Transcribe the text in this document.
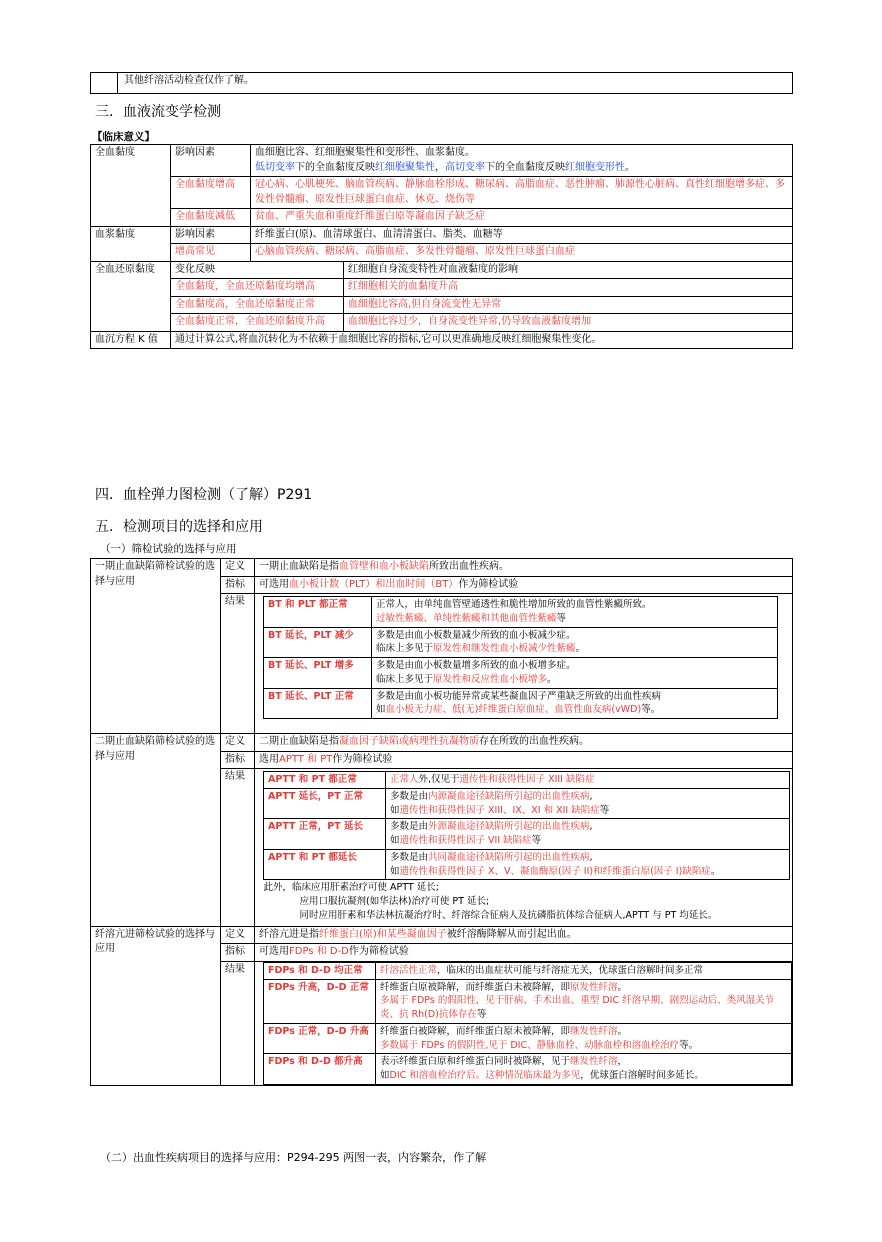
	其他纤溶活动检查仅作了解。
三．血液流变学检测
【临床意义】
全血黏度	影响因素	血细胞比容、红细胞聚集性和变形性、血浆黏度。
低切变率下的全血黏度反映红细胞聚集性，高切变率下的全血黏度反映红细胞变形性。	

	全血黏度增高	冠心病、心肌梗死、脑血管疾病、静脉血栓形成、糖尿病、高脂血症、恶性肿瘤、肺源性心脏病、真性红细胞增多症、多发性骨髓瘤、原发性巨球蛋白血症、休克、烧伤等	
	全血黏度减低	贫血、严重失血和重度纤维蛋白原等凝血因子缺乏症	
血浆黏度	影响因素	纤维蛋白(原)、血清球蛋白、血清清蛋白、脂类、血糖等	
	增高常见	心脑血管疾病、糖尿病、高脂血症、多发性骨髓瘤、原发性巨球蛋白血症	
全血还原黏度	变化反映		红细胞自身流变特性对血液黏度的影响
	全血黏度，全血还原黏度均增高		红细胞相关的血黏度升高
	全血黏度高，全血还原黏度正常		血细胞比容高,但自身流变性无异常
	全血黏度正常，全血还原黏度升高		血细胞比容过少，自身流变性异常,仍导致血液黏度增加
血沉方程 K 值	通过计算公式,将血沉转化为不依赖于血细胞比容的指标,它可以更准确地反映红细胞聚集性变化。		
四．血栓弹力图检测（了解）P291
五．检测项目的选择和应用
（一）筛检试验的选择与应用
一期止血缺陷筛检试验的选择与应用	定义	一期止血缺陷是指血管壁和血小板缺陷所致出血性疾病。
指标	可选用血小板计数（PLT）和出血时间（BT）作为筛检试验
结果	BT 和 PLT 都正常	正常人，由单纯血管壁通透性和脆性增加所致的血管性紫癜所致。
过敏性紫癜、单纯性紫癜和其他血管性紫癜等

BT 延长，PLT 减少	多数是由血小板数量减少所致的血小板减少症。
临床上多见于原发性和继发性血小板减少性紫癜。

BT 延长、PLT 增多	多数是由血小板数量增多所致的血小板增多症。
临床上多见于原发性和反应性血小板增多。

BT 延长、PLT 正常	多数是由血小板功能异常或某些凝血因子严重缺乏所致的出血性疾病
如血小板无力症、低(无)纤维蛋白原血症、血管性血友病(vWD)等。

二期止血缺陷筛检试验的选择与应用	定义	二期止血缺陷是指凝血因子缺陷或病理性抗凝物质存在所致的出血性疾病。
指标	选用APTT 和 PT作为筛检试验
结果	APTT 和 PT 都正常	正常人外,仅见于遗传性和获得性因子 XIII 缺陷症
APTT 延长，PT 正常	多数是由内源凝血途径缺陷所引起的出血性疾病,
如遗传性和获得性因子 XIII、IX、XI 和 XII 缺陷症等

APTT 正常，PT 延长	多数是由外源凝血途径缺陷所引起的出血性疾病,
如遗传性和获得性因子 VII 缺陷症等

APTT 和 PT 都延长	多数是由共同凝血途径缺陷所引起的出血性疾病,
如遗传性和获得性因子 X、V、凝血酶原(因子 II)和纤维蛋白原(因子 I)缺陷症。

此外，临床应用肝素治疗可使 APTT 延长;
应用口服抗凝剂(如华法林)治疗可使 PT 延长;
同时应用肝素和华法林抗凝治疗时、纤溶综合征病人及抗磷脂抗体综合征病人,APTT 与 PT 均延长。

纤溶亢进筛检试验的选择与应用	定义	纤溶亢进是指纤维蛋白(原)和某些凝血因子被纤溶酶降解从而引起出血。
指标	可选用FDPs 和 D-D作为筛检试验
结果	FDPs 和 D-D 均正常	纤溶活性正常，临床的出血症状可能与纤溶症无关，优球蛋白溶解时间多正常
FDPs 升高，D-D 正常	纤维蛋白原被降解，而纤维蛋白未被降解，即原发性纤溶。
多属于 FDPs 的假阳性，见于肝病、手术出血、重型 DIC 纤溶早期、剧烈运动后、类风湿关节炎、抗 Rh(D)抗体存在等

FDPs 正常，D-D 升高	纤维蛋白被降解，而纤维蛋白原未被降解，即继发性纤溶。
多数属于 FDPs 的假阴性,见于 DIC、静脉血栓、动脉血栓和溶血栓治疗等。

FDPs 和 D-D 都升高	表示纤维蛋白原和纤维蛋白同时被降解，见于继发性纤溶，
如DIC 和溶血栓治疗后。这种情况临床最为多见，优球蛋白溶解时间多延长。
（二）出血性疾病项目的选择与应用：P294-295 两图一表，内容繁杂，作了解
